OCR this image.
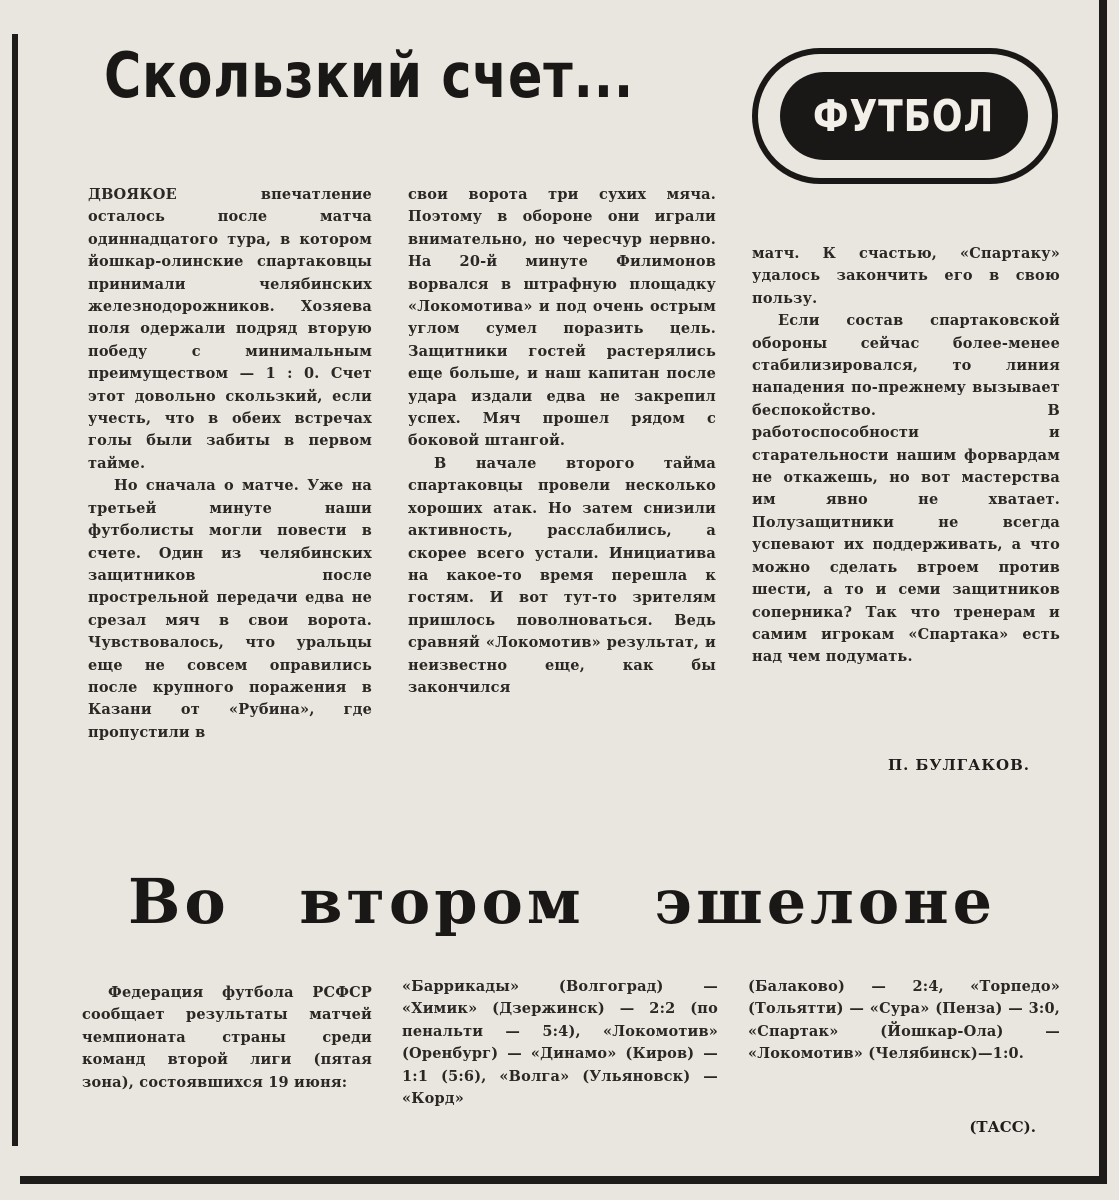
Скользкий счет...
ФУТБОЛ

ДВОЯКОЕ впечатление осталось после матча одиннадцатого тура, в котором йошкар-олинские спартаковцы принимали челябинских железнодорожников. Хозяева поля одержали подряд вторую победу с минимальным преимуществом — 1 : 0. Счет этот довольно скользкий, если учесть, что в обеих встречах голы были забиты в первом тайме.

Но сначала о матче. Уже на третьей минуте наши футболисты могли повести в счете. Один из челябинских защитников после прострельной передачи едва не срезал мяч в свои ворота. Чувствовалось, что уральцы еще не совсем оправились после крупного поражения в Казани от «Рубина», где пропустили в

свои ворота три сухих мяча. Поэтому в обороне они играли внимательно, но чересчур нервно. На 20-й минуте Филимонов ворвался в штрафную площадку «Локомотива» и под очень острым углом сумел поразить цель. Защитники гостей растерялись еще больше, и наш капитан после удара издали едва не закрепил успех. Мяч прошел рядом с боковой штангой.

В начале второго тайма спартаковцы провели несколько хороших атак. Но затем снизили активность, расслабились, а скорее всего устали. Инициатива на какое-то время перешла к гостям. И вот тут-то зрителям пришлось поволноваться. Ведь сравняй «Локомотив» результат, и неизвестно еще, как бы закончился

матч. К счастью, «Спартаку» удалось закончить его в свою пользу.

Если состав спартаковской обороны сейчас более-менее стабилизировался, то линия нападения по-прежнему вызывает беспокойство. В работоспособности и старательности нашим форвардам не откажешь, но вот мастерства им явно не хватает. Полузащитники не всегда успевают их поддерживать, а что можно сделать втроем против шести, а то и семи защитников соперника? Так что тренерам и самим игрокам «Спартака» есть над чем подумать.

П. БУЛГАКОВ.
Во втором эшелоне

Федерация футбола РСФСР сообщает результаты матчей чемпионата страны среди команд второй лиги (пятая зона), состоявшихся 19 июня:

«Баррикады» (Волгоград) — «Химик» (Дзержинск) — 2:2 (по пенальти — 5:4), «Локомотив» (Оренбург) — «Динамо» (Киров) — 1:1 (5:6), «Волга» (Ульяновск) — «Корд»

(Балаково) — 2:4, «Торпедо» (Тольятти) — «Сура» (Пенза) — 3:0, «Спартак» (Йошкар-Ола) — «Локомотив» (Челябинск)—1:0.

(ТАСС).
